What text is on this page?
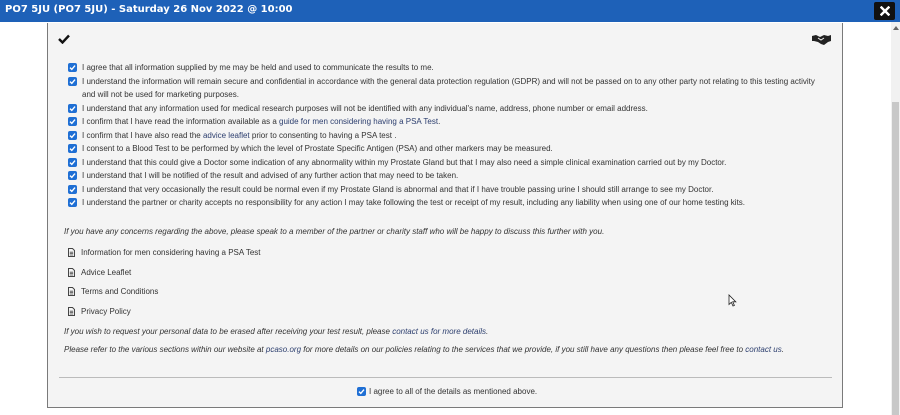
PO7 5JU (PO7 5JU) - Saturday 26 Nov 2022 @ 10:00
I agree that all information supplied by me may be held and used to communicate the results to me.
I understand the information will remain secure and confidential in accordance with the general data protection regulation (GDPR) and will not be passed on to any other party not relating to this testing activity and will not be used for marketing purposes.
I understand that any information used for medical research purposes will not be identified with any individual's name, address, phone number or email address.
I confirm that I have read the information available as a guide for men considering having a PSA Test.
I confirm that I have also read the advice leaflet prior to consenting to having a PSA test .
I consent to a Blood Test to be performed by which the level of Prostate Specific Antigen (PSA) and other markers may be measured.
I understand that this could give a Doctor some indication of any abnormality within my Prostate Gland but that I may also need a simple clinical examination carried out by my Doctor.
I understand that I will be notified of the result and advised of any further action that may need to be taken.
I understand that very occasionally the result could be normal even if my Prostate Gland is abnormal and that if I have trouble passing urine I should still arrange to see my Doctor.
I understand the partner or charity accepts no responsibility for any action I may take following the test or receipt of my result, including any liability when using one of our home testing kits.
If you have any concerns regarding the above, please speak to a member of the partner or charity staff who will be happy to discuss this further with you.
Information for men considering having a PSA Test
Advice Leaflet
Terms and Conditions
Privacy Policy
If you wish to request your personal data to be erased after receiving your test result, please contact us for more details.
Please refer to the various sections within our website at pcaso.org for more details on our policies relating to the services that we provide, if you still have any questions then please feel free to contact us.
I agree to all of the details as mentioned above.
